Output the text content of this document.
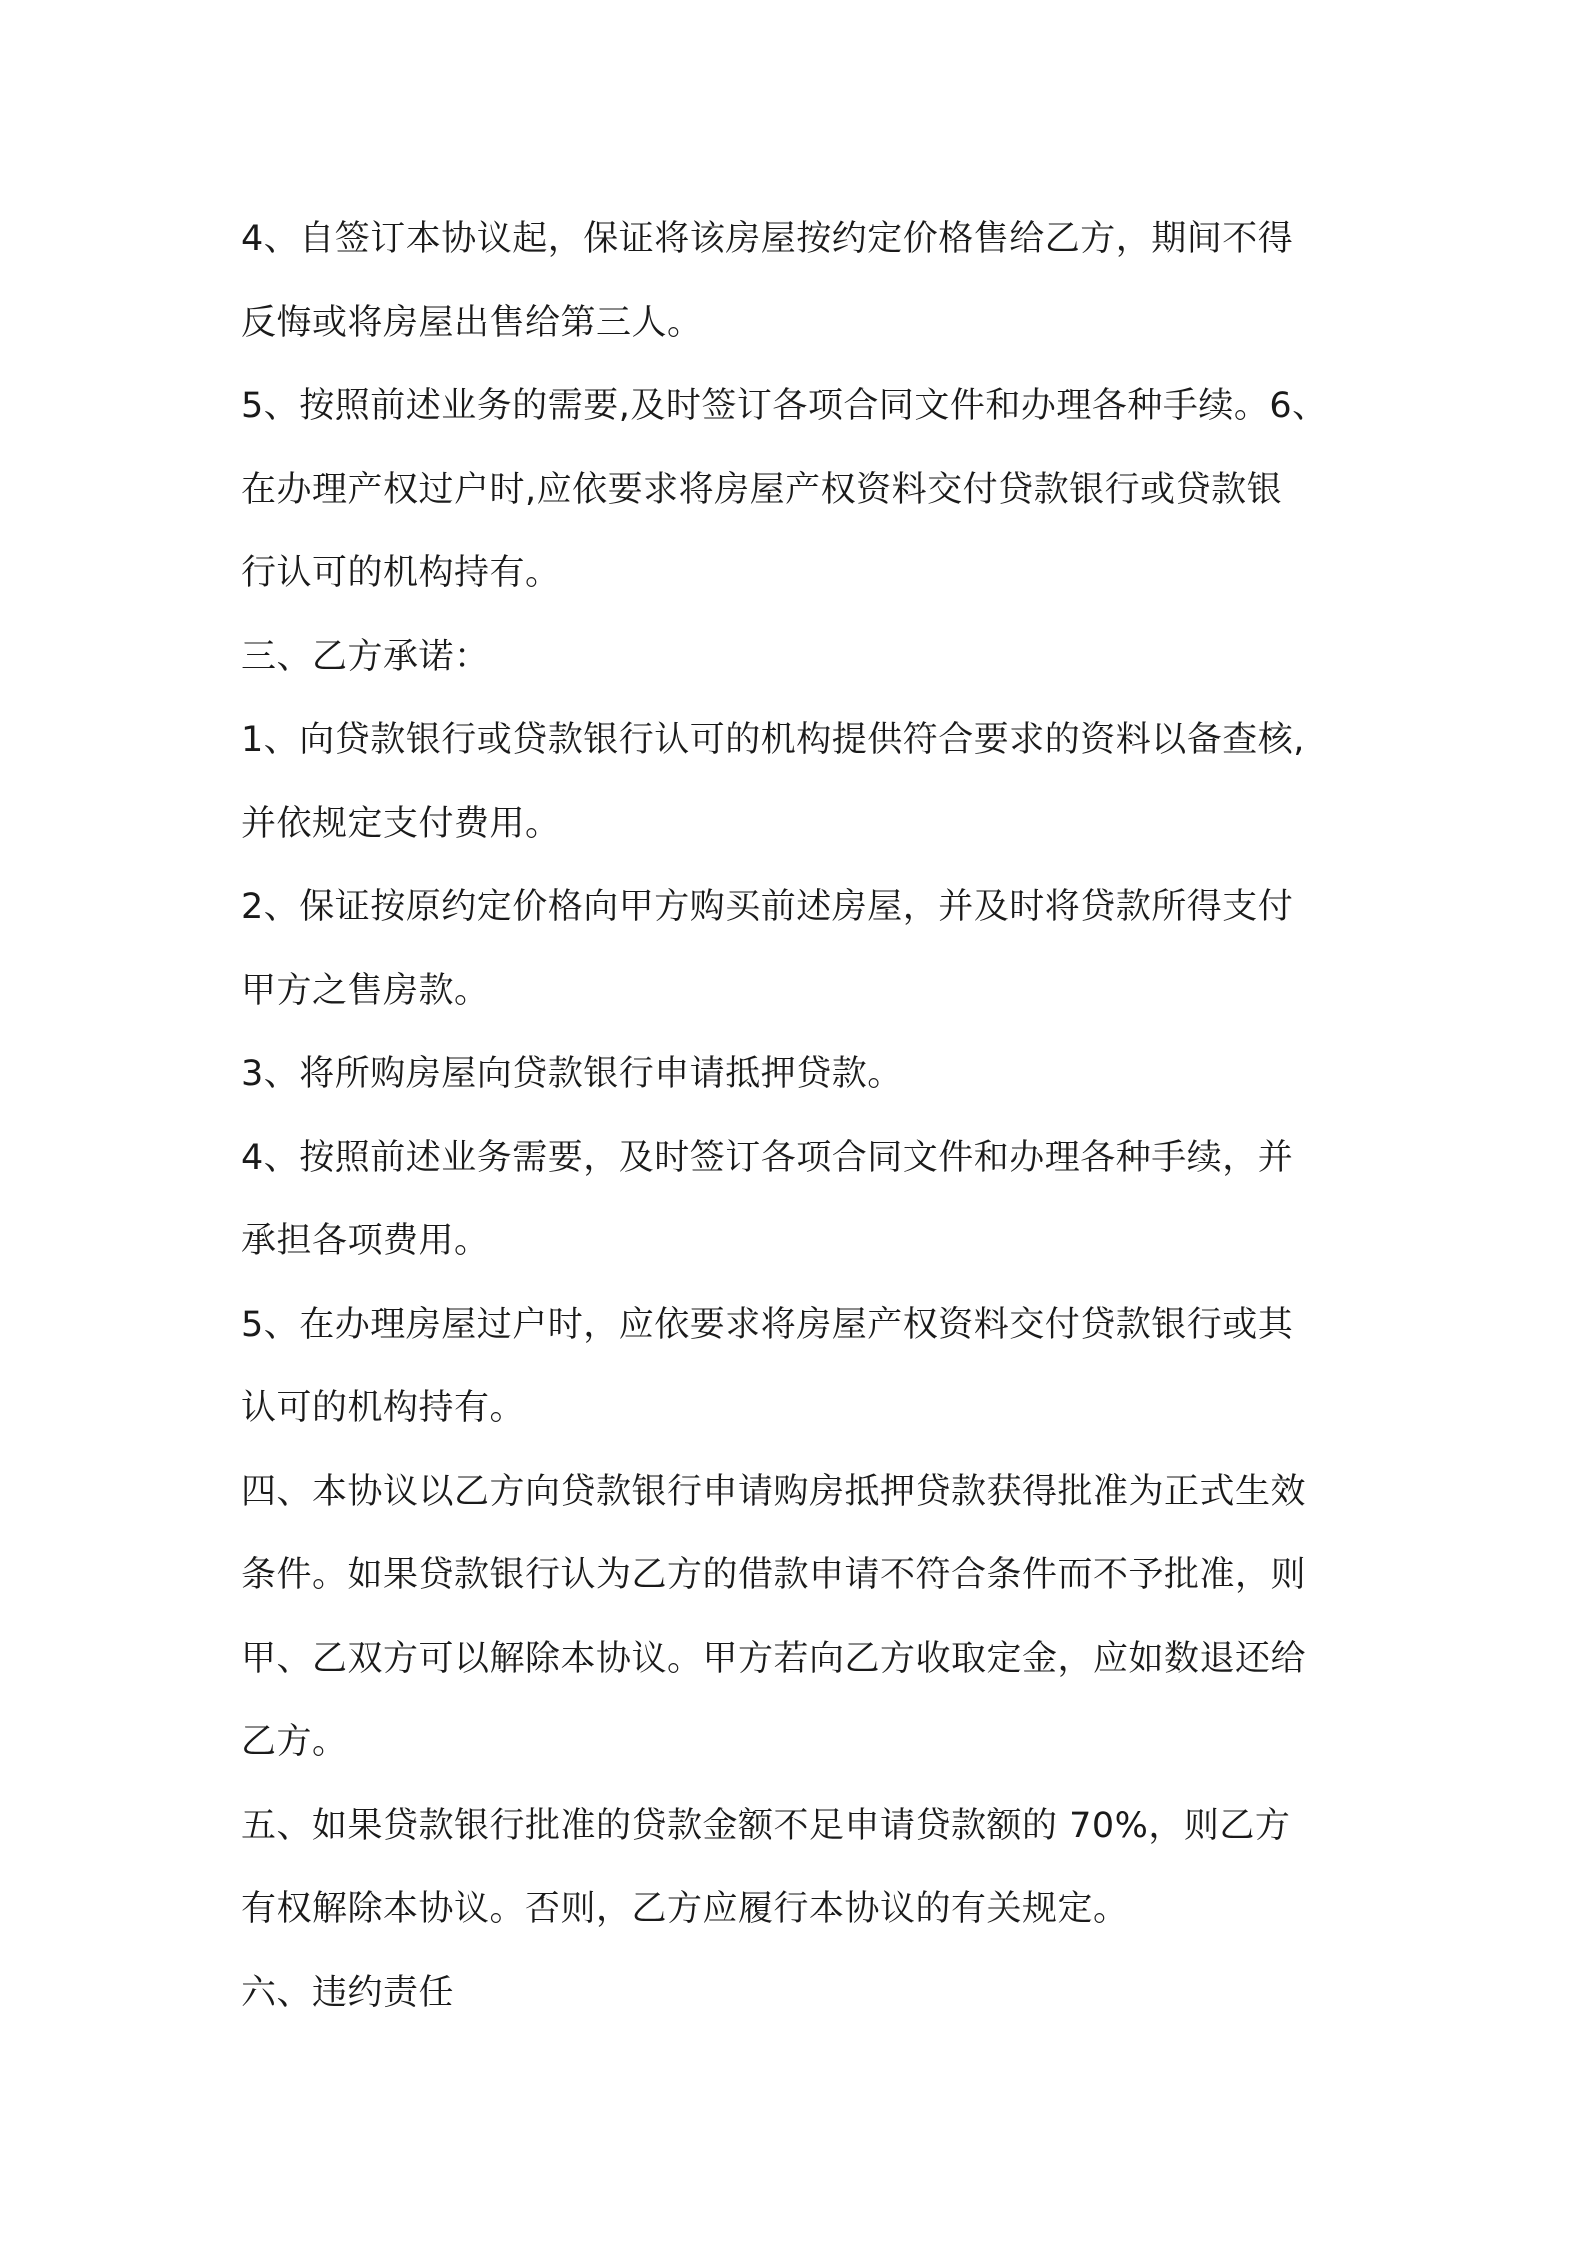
4、自签订本协议起，保证将该房屋按约定价格售给乙方，期间不得
反悔或将房屋出售给第三人。
5、按照前述业务的需要,及时签订各项合同文件和办理各种手续。6、
在办理产权过户时,应依要求将房屋产权资料交付贷款银行或贷款银
行认可的机构持有。
三、乙方承诺：
1、向贷款银行或贷款银行认可的机构提供符合要求的资料以备查核,
并依规定支付费用。
2、保证按原约定价格向甲方购买前述房屋，并及时将贷款所得支付
甲方之售房款。
3、将所购房屋向贷款银行申请抵押贷款。
4、按照前述业务需要，及时签订各项合同文件和办理各种手续，并
承担各项费用。
5、在办理房屋过户时，应依要求将房屋产权资料交付贷款银行或其
认可的机构持有。
四、本协议以乙方向贷款银行申请购房抵押贷款获得批准为正式生效
条件。如果贷款银行认为乙方的借款申请不符合条件而不予批准，则
甲、乙双方可以解除本协议。甲方若向乙方收取定金，应如数退还给
乙方。
五、如果贷款银行批准的贷款金额不足申请贷款额的 70%，则乙方
有权解除本协议。否则，乙方应履行本协议的有关规定。
六、违约责任
